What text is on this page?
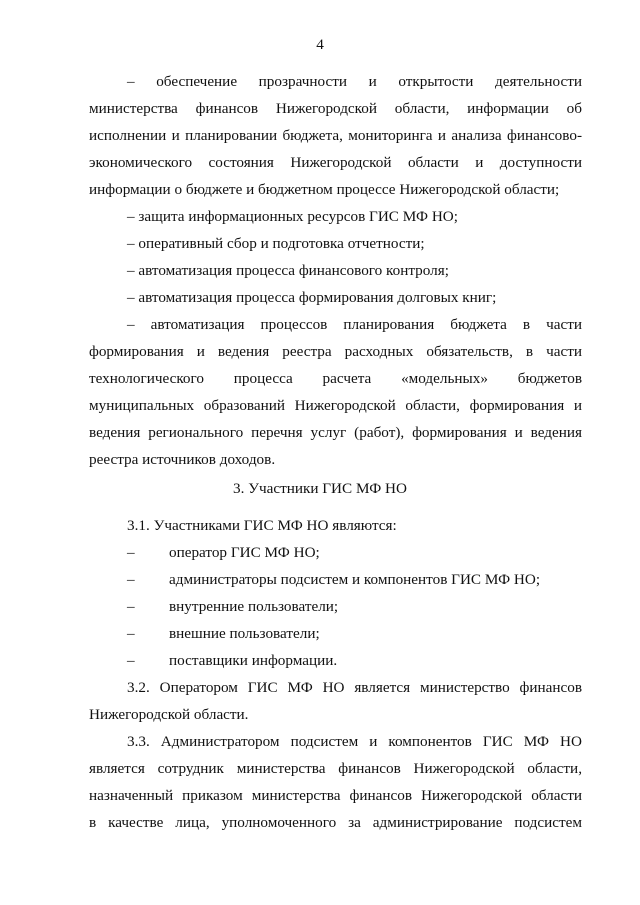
4
– обеспечение прозрачности и открытости деятельности
министерства финансов Нижегородской области, информации об
исполнении и планировании бюджета, мониторинга и анализа финансово-
экономического состояния Нижегородской области и доступности
информации о бюджете и бюджетном процессе Нижегородской области;
– защита информационных ресурсов ГИС МФ НО;
– оперативный сбор и подготовка отчетности;
– автоматизация процесса финансового контроля;
– автоматизация процесса формирования долговых книг;
– автоматизация процессов планирования бюджета в части
формирования и ведения реестра расходных обязательств, в части
технологического процесса расчета «модельных» бюджетов
муниципальных образований Нижегородской области, формирования и
ведения регионального перечня услуг (работ), формирования и ведения
реестра источников доходов.
3. Участники ГИС МФ НО
3.1. Участниками ГИС МФ НО являются:
– оператор ГИС МФ НО;
– администраторы подсистем и компонентов ГИС МФ НО;
– внутренние пользователи;
– внешние пользователи;
– поставщики информации.
3.2. Оператором ГИС МФ НО является министерство финансов
Нижегородской области.
3.3. Администратором подсистем и компонентов ГИС МФ НО
является сотрудник министерства финансов Нижегородской области,
назначенный приказом министерства финансов Нижегородской области
в качестве лица, уполномоченного за администрирование подсистем
